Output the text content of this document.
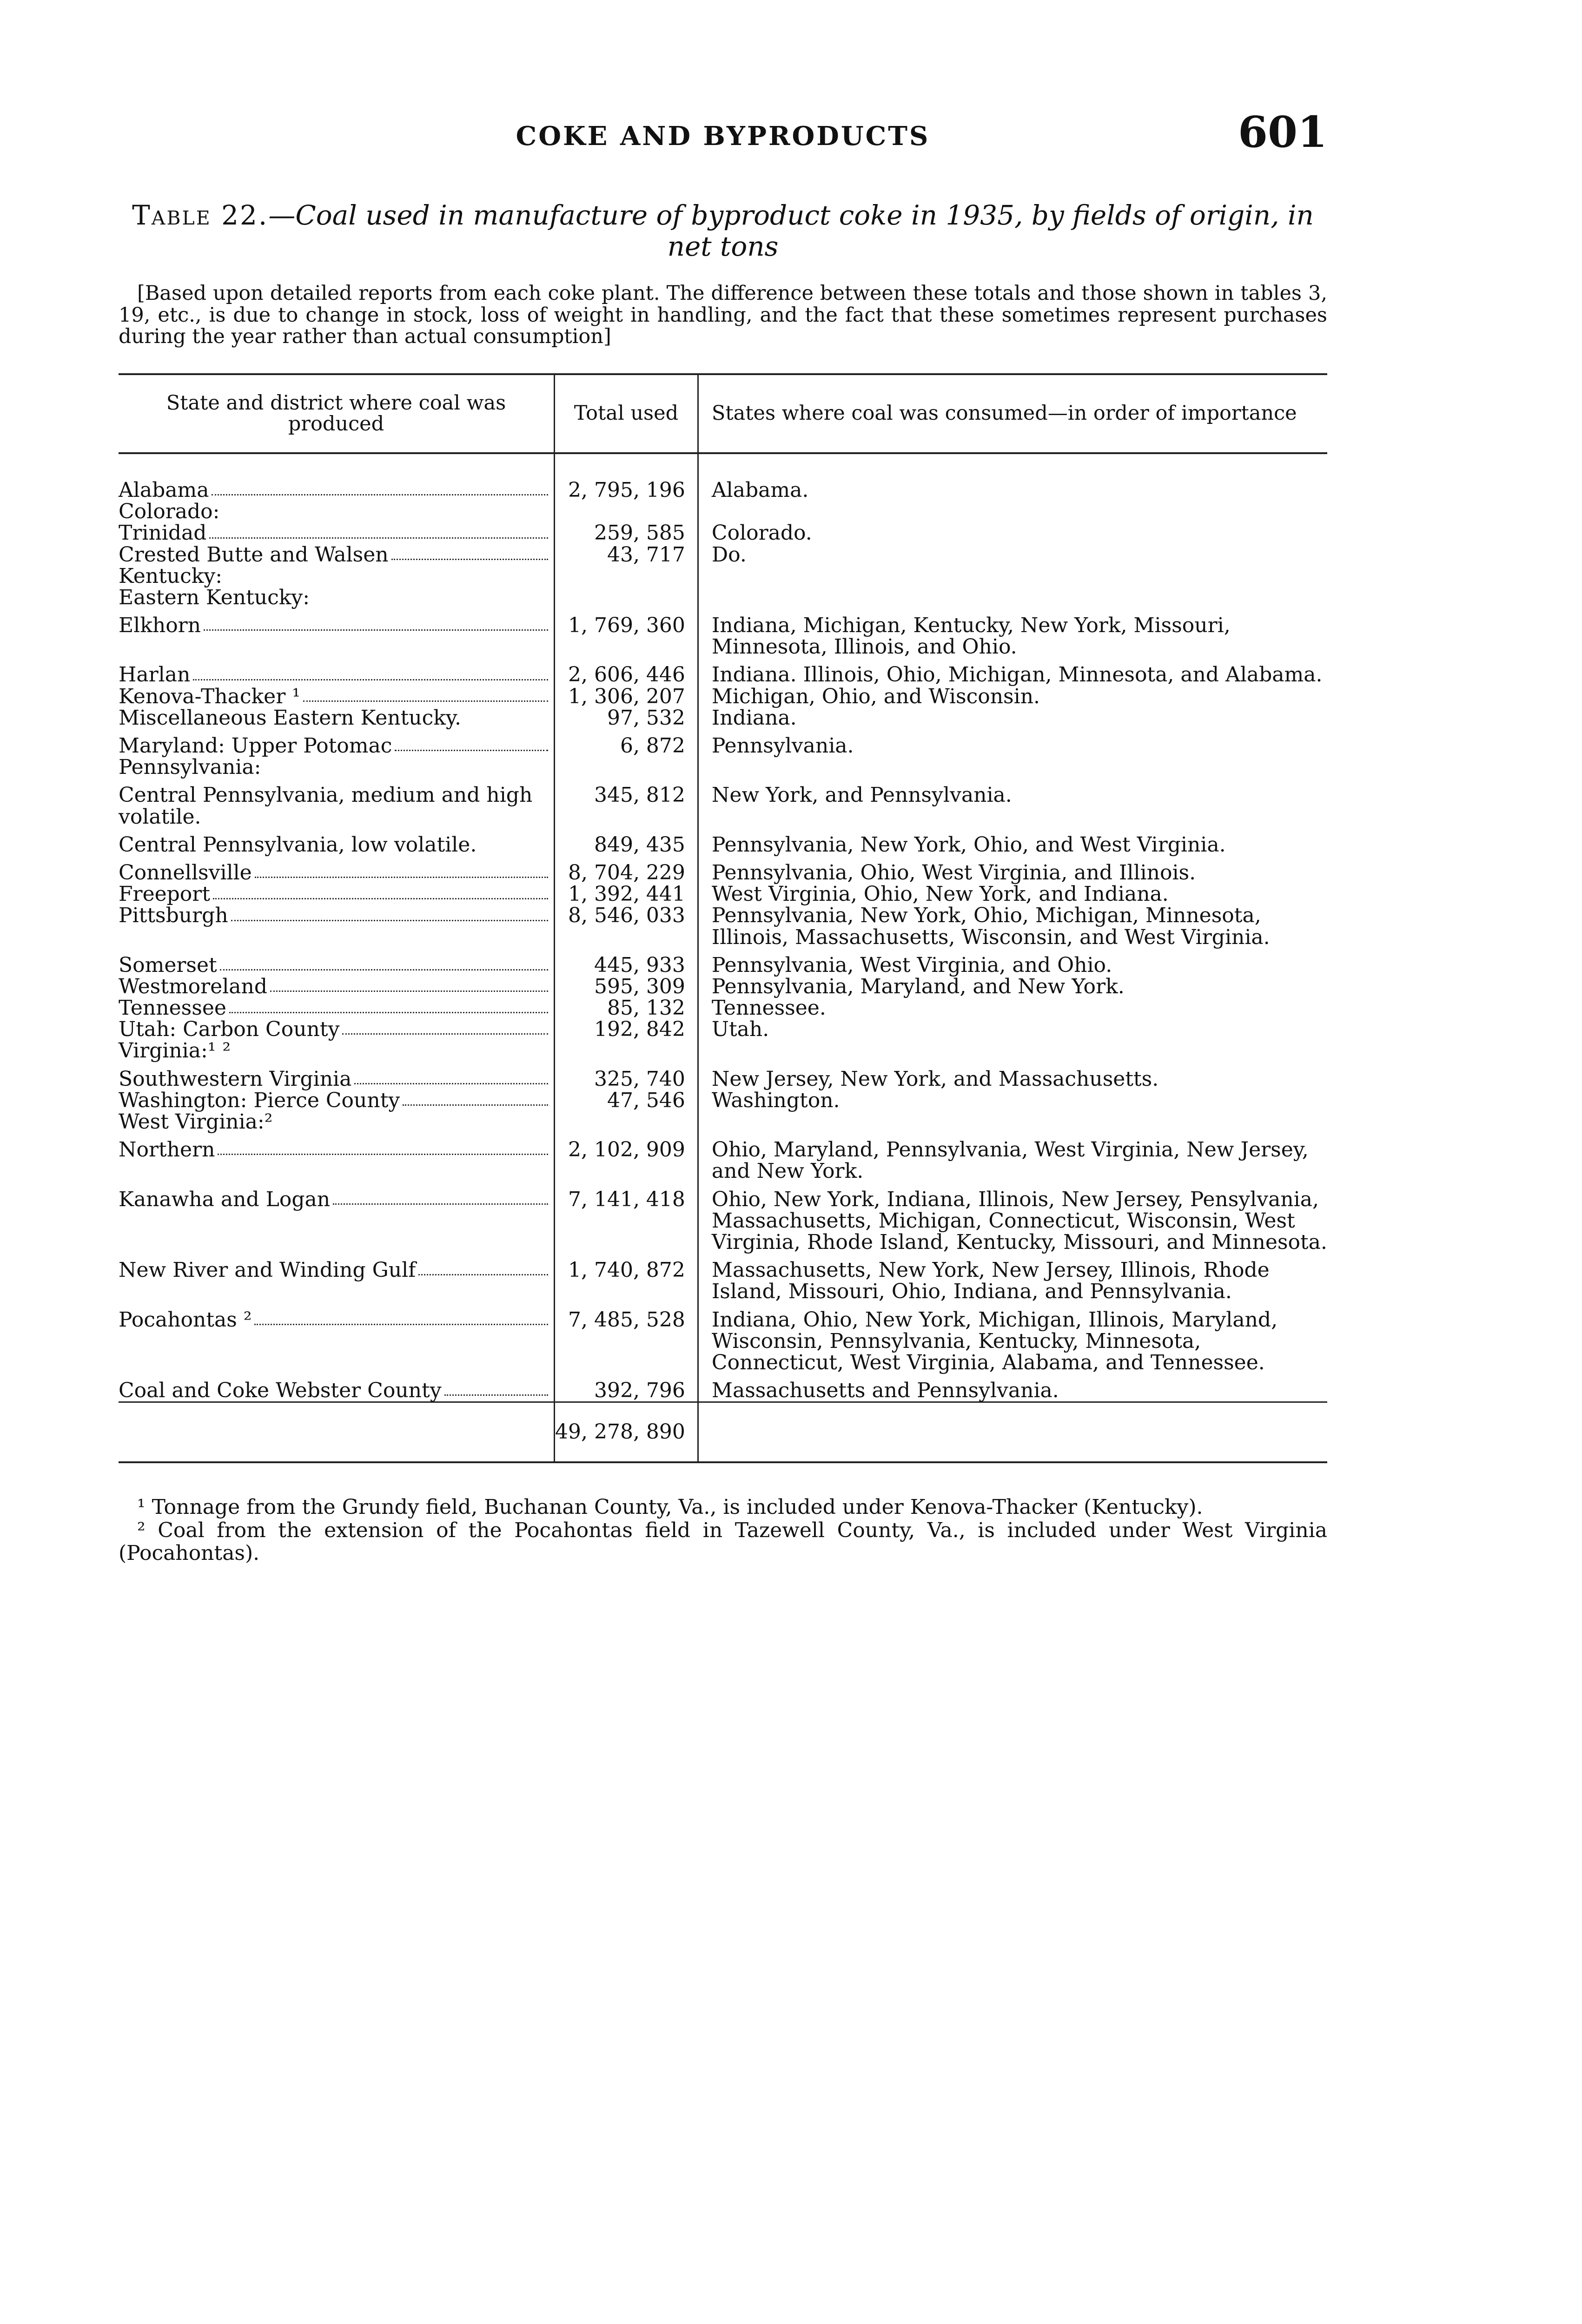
COKE AND BYPRODUCTS	601
Table 22.—Coal used in manufacture of byproduct coke in 1935, by fields of origin, in net tons
[Based upon detailed reports from each coke plant. The difference between these totals and those shown in tables 3, 19, etc., is due to change in stock, loss of weight in handling, and the fact that these sometimes represent purchases during the year rather than actual consumption]
State and district where coal was produced	Total used	States where coal was consumed—in order of importance

Alabama	2, 795, 196	Alabama.

Colorado:		

Trinidad	259, 585	Colorado.

Crested Butte and Walsen	43, 717	Do.

Kentucky:		

Eastern Kentucky:		

Elkhorn	1, 769, 360	Indiana, Michigan, Kentucky, New York, Missouri, Minnesota, Illinois, and Ohio.

Harlan	2, 606, 446	Indiana. Illinois, Ohio, Michigan, Minnesota, and Alabama.

Kenova-Thacker ¹	1, 306, 207	Michigan, Ohio, and Wisconsin.

Miscellaneous Eastern Kentucky.	97, 532	Indiana.

Maryland: Upper Potomac	6, 872	Pennsylvania.

Pennsylvania:		

Central Pennsylvania, medium and high volatile.	345, 812	New York, and Pennsylvania.

Central Pennsylvania, low volatile.	849, 435	Pennsylvania, New York, Ohio, and West Virginia.

Connellsville	8, 704, 229	Pennsylvania, Ohio, West Virginia, and Illinois.

Freeport	1, 392, 441	West Virginia, Ohio, New York, and Indiana.

Pittsburgh	8, 546, 033	Pennsylvania, New York, Ohio, Michigan, Minnesota, Illinois, Massachusetts, Wisconsin, and West Virginia.

Somerset	445, 933	Pennsylvania, West Virginia, and Ohio.

Westmoreland	595, 309	Pennsylvania, Maryland, and New York.

Tennessee	85, 132	Tennessee.

Utah: Carbon County	192, 842	Utah.

Virginia:¹ ²		

Southwestern Virginia	325, 740	New Jersey, New York, and Massachusetts.

Washington: Pierce County	47, 546	Washington.

West Virginia:²		

Northern	2, 102, 909	Ohio, Maryland, Pennsylvania, West Virginia, New Jersey, and New York.

Kanawha and Logan	7, 141, 418	Ohio, New York, Indiana, Illinois, New Jersey, Pensylvania, Massachusetts, Michigan, Connecticut, Wisconsin, West Virginia, Rhode Island, Kentucky, Missouri, and Minnesota.

New River and Winding Gulf	1, 740, 872	Massachusetts, New York, New Jersey, Illinois, Rhode Island, Missouri, Ohio, Indiana, and Pennsylvania.

Pocahontas ²	7, 485, 528	Indiana, Ohio, New York, Michigan, Illinois, Maryland, Wisconsin, Pennsylvania, Kentucky, Minnesota, Connecticut, West Virginia, Alabama, and Tennessee.

Coal and Coke Webster County	392, 796	Massachusetts and Pennsylvania.
	49, 278, 890	

¹ Tonnage from the Grundy field, Buchanan County, Va., is included under Kenova-Thacker (Kentucky).

² Coal from the extension of the Pocahontas field in Tazewell County, Va., is included under West Virginia (Pocahontas).
